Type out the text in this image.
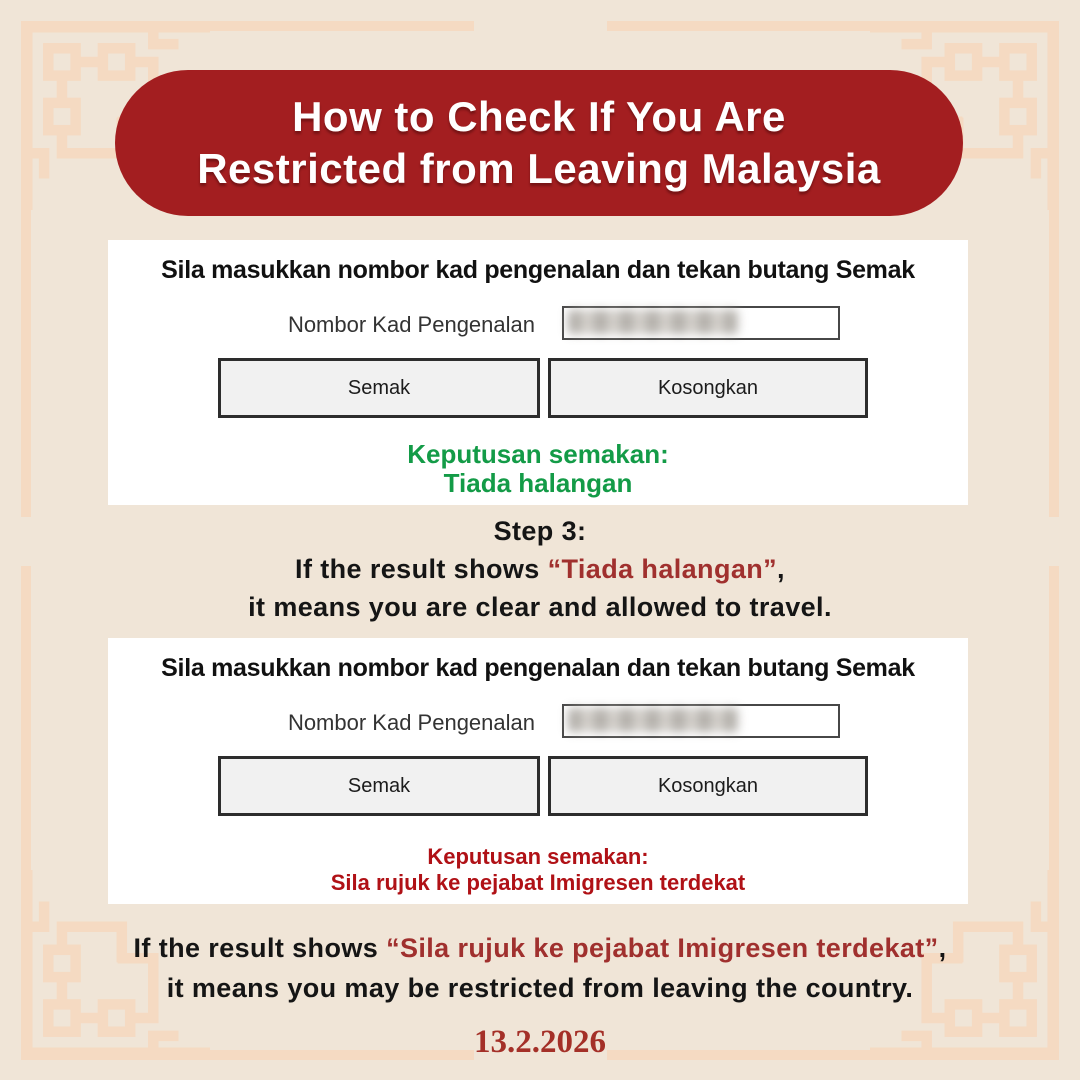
How to Check If You Are
Restricted from Leaving Malaysia
Sila masukkan nombor kad pengenalan dan tekan butang Semak
Nombor Kad Pengenalan
Semak	Kosongkan
Keputusan semakan:
Tiada halangan
Step 3:
If the result shows “Tiada halangan”,
it means you are clear and allowed to travel.
Sila masukkan nombor kad pengenalan dan tekan butang Semak
Nombor Kad Pengenalan
Semak	Kosongkan
Keputusan semakan:
Sila rujuk ke pejabat Imigresen terdekat
If the result shows “Sila rujuk ke pejabat Imigresen terdekat”,
it means you may be restricted from leaving the country.
13.2.2026
